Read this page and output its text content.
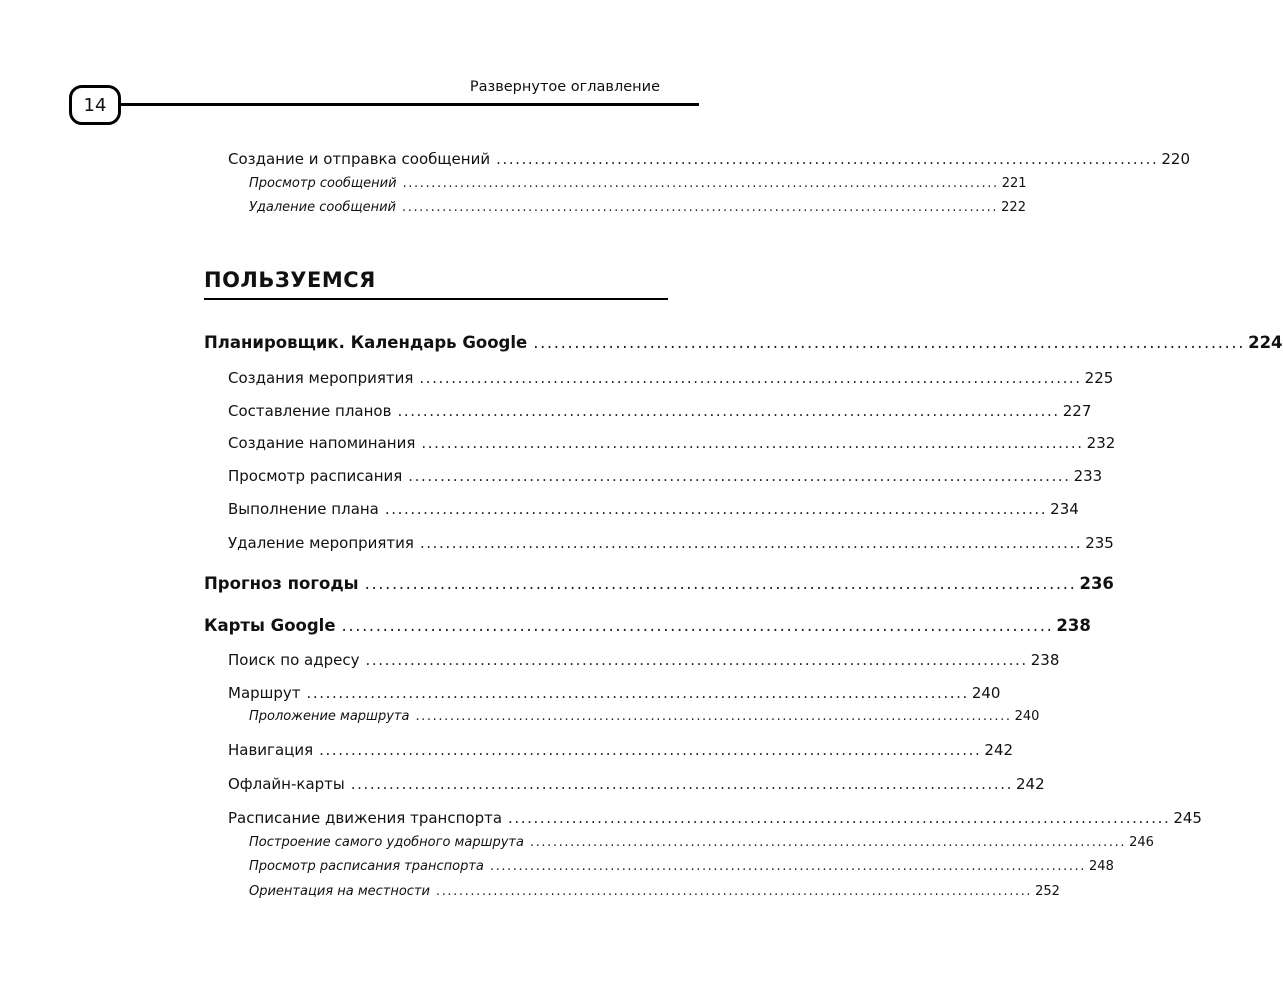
14
Развернутое оглавление
Создание и отправка сообщений ........................................................................................................ 220
Просмотр сообщений ........................................................................................................ 221
Удаление сообщений ........................................................................................................ 222
ПОЛЬЗУЕМСЯ
Планировщик. Календарь Google ........................................................................................................ 224
Создания мероприятия ........................................................................................................ 225
Составление планов ........................................................................................................ 227
Создание напоминания ........................................................................................................ 232
Просмотр расписания ........................................................................................................ 233
Выполнение плана ........................................................................................................ 234
Удаление мероприятия ........................................................................................................ 235
Прогноз погоды ........................................................................................................ 236
Карты Google ........................................................................................................ 238
Поиск по адресу ........................................................................................................ 238
Маршрут ........................................................................................................ 240
Проложение маршрута ........................................................................................................ 240
Навигация ........................................................................................................ 242
Офлайн-карты ........................................................................................................ 242
Расписание движения транспорта ........................................................................................................ 245
Построение самого удобного маршрута ........................................................................................................ 246
Просмотр расписания транспорта ........................................................................................................ 248
Ориентация на местности ........................................................................................................ 252
